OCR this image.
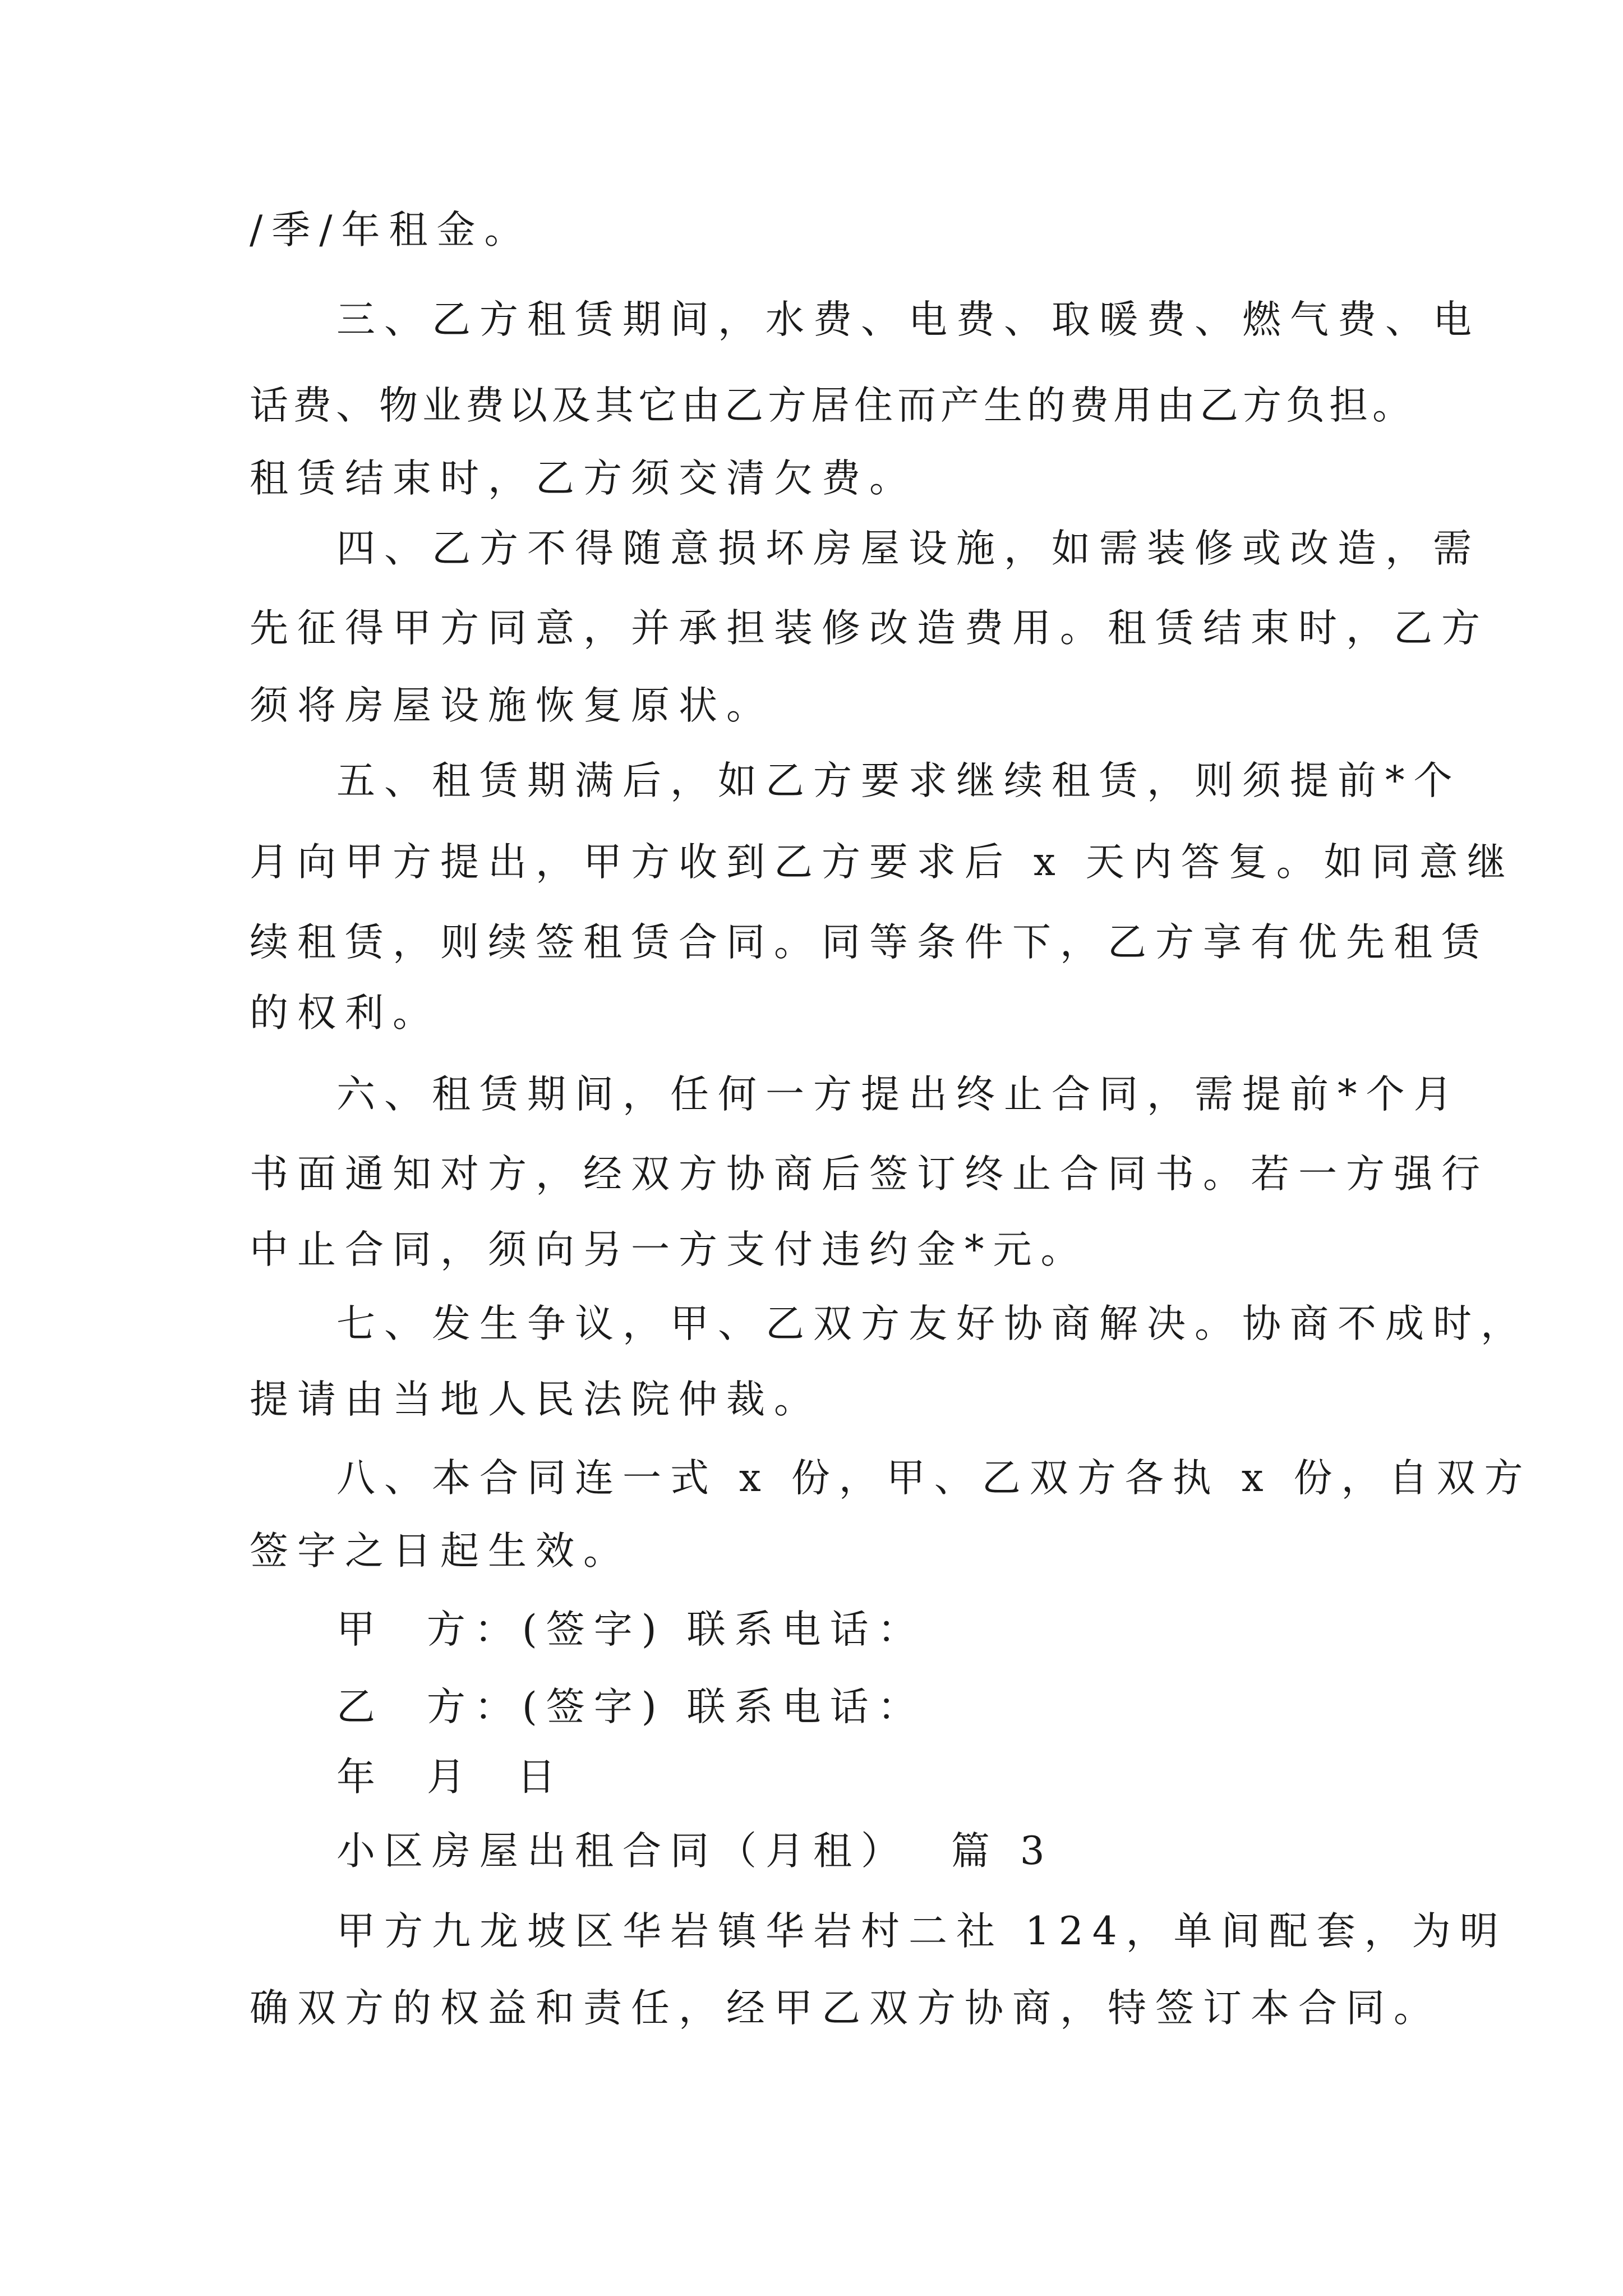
/季/年租金。

三、乙方租赁期间，水费、电费、取暖费、燃气费、电

话费、物业费以及其它由乙方居住而产生的费用由乙方负担。

租赁结束时，乙方须交清欠费。

四、乙方不得随意损坏房屋设施，如需装修或改造，需

先征得甲方同意，并承担装修改造费用。租赁结束时，乙方

须将房屋设施恢复原状。

五、租赁期满后，如乙方要求继续租赁，则须提前*个

月向甲方提出，甲方收到乙方要求后 x 天内答复。如同意继

续租赁，则续签租赁合同。同等条件下，乙方享有优先租赁

的权利。

六、租赁期间，任何一方提出终止合同，需提前*个月

书面通知对方，经双方协商后签订终止合同书。若一方强行

中止合同，须向另一方支付违约金*元。

七、发生争议，甲、乙双方友好协商解决。协商不成时，

提请由当地人民法院仲裁。

八、本合同连一式 x 份，甲、乙双方各执 x 份，自双方

签字之日起生效。

甲  方：(签字) 联系电话：

乙  方：(签字) 联系电话：

年  月  日

小区房屋出租合同（月租）  篇 3

甲方九龙坡区华岩镇华岩村二社 124，单间配套，为明

确双方的权益和责任，经甲乙双方协商，特签订本合同。
